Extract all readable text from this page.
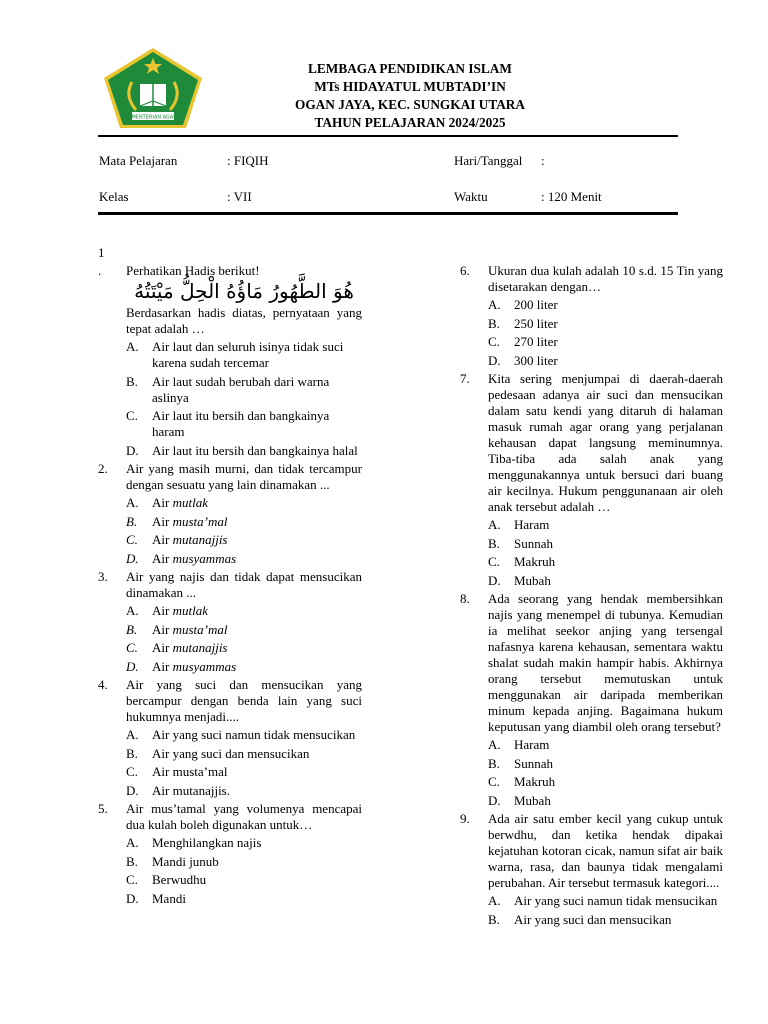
KEMENTERIAN AGAMA
LEMBAGA PENDIDIKAN ISLAM
MTs HIDAYATUL MUBTADI’IN
OGAN JAYA, KEC. SUNGKAI UTARA
TAHUN PELAJARAN 2024/2025
Mata Pelajaran	: FIQIH	Hari/Tanggal :
Kelas	: VII	Waktu	: 120 Menit
1
.	Perhatikan Hadis berikut!
هُوَ الطَّهُورُ مَاؤُهُ الْحِلُّ مَيْتَتُهُ
Berdasarkan hadis diatas, pernyataan yang tepat adalah …
A.	Air laut dan seluruh isinya tidak suci karena sudah tercemar
B.	Air laut sudah berubah dari warna aslinya
C.	Air laut itu bersih dan bangkainya haram
D.	Air laut itu bersih dan bangkainya halal
2.	Air yang masih murni, dan tidak tercampur dengan sesuatu yang lain dinamakan ...
A.	Air mutlak
B.	Air musta’mal
C.	Air mutanajjis
D.	Air musyammas
3.	Air yang najis dan tidak dapat mensucikan dinamakan ...
A.	Air mutlak
B.	Air musta’mal
C.	Air mutanajjis
D.	Air musyammas
4.	Air yang suci dan mensucikan yang bercampur dengan benda lain yang suci hukumnya menjadi....
A.	Air yang suci namun tidak mensucikan
B.	Air yang suci dan mensucikan
C.	Air musta’mal
D.	Air mutanajjis.
5.	Air mus’tamal yang volumenya mencapai dua kulah boleh digunakan untuk…
A.	Menghilangkan najis
B.	Mandi junub
C.	Berwudhu
D.	Mandi
6.	Ukuran dua kulah adalah 10 s.d. 15 Tin yang disetarakan dengan…
A.	200 liter
B.	250 liter
C.	270 liter
D.	300 liter
7.	Kita sering menjumpai di daerah-daerah pedesaan adanya air suci dan mensucikan dalam satu kendi yang ditaruh di halaman masuk rumah agar orang yang perjalanan kehausan dapat langsung meminumnya. Tiba-tiba ada salah anak yang menggunakannya untuk bersuci dari buang air kecilnya. Hukum penggunanaan air oleh anak tersebut adalah …
A.	Haram
B.	Sunnah
C.	Makruh
D.	Mubah
8.	Ada seorang yang hendak membersihkan najis yang menempel di tubunya. Kemudian ia melihat seekor anjing yang tersengal nafasnya karena kehausan, sementara waktu shalat sudah makin hampir habis. Akhirnya orang tersebut memutuskan untuk menggunakan air daripada memberikan minum kepada anjing. Bagaimana hukum keputusan yang diambil oleh orang tersebut?
A.	Haram
B.	Sunnah
C.	Makruh
D.	Mubah
9.	Ada air satu ember kecil yang cukup untuk berwdhu, dan ketika hendak dipakai kejatuhan kotoran cicak, namun sifat air baik warna, rasa, dan baunya tidak mengalami perubahan. Air tersebut termasuk kategori....
A.	Air yang suci namun tidak mensucikan
B.	Air yang suci dan mensucikan
